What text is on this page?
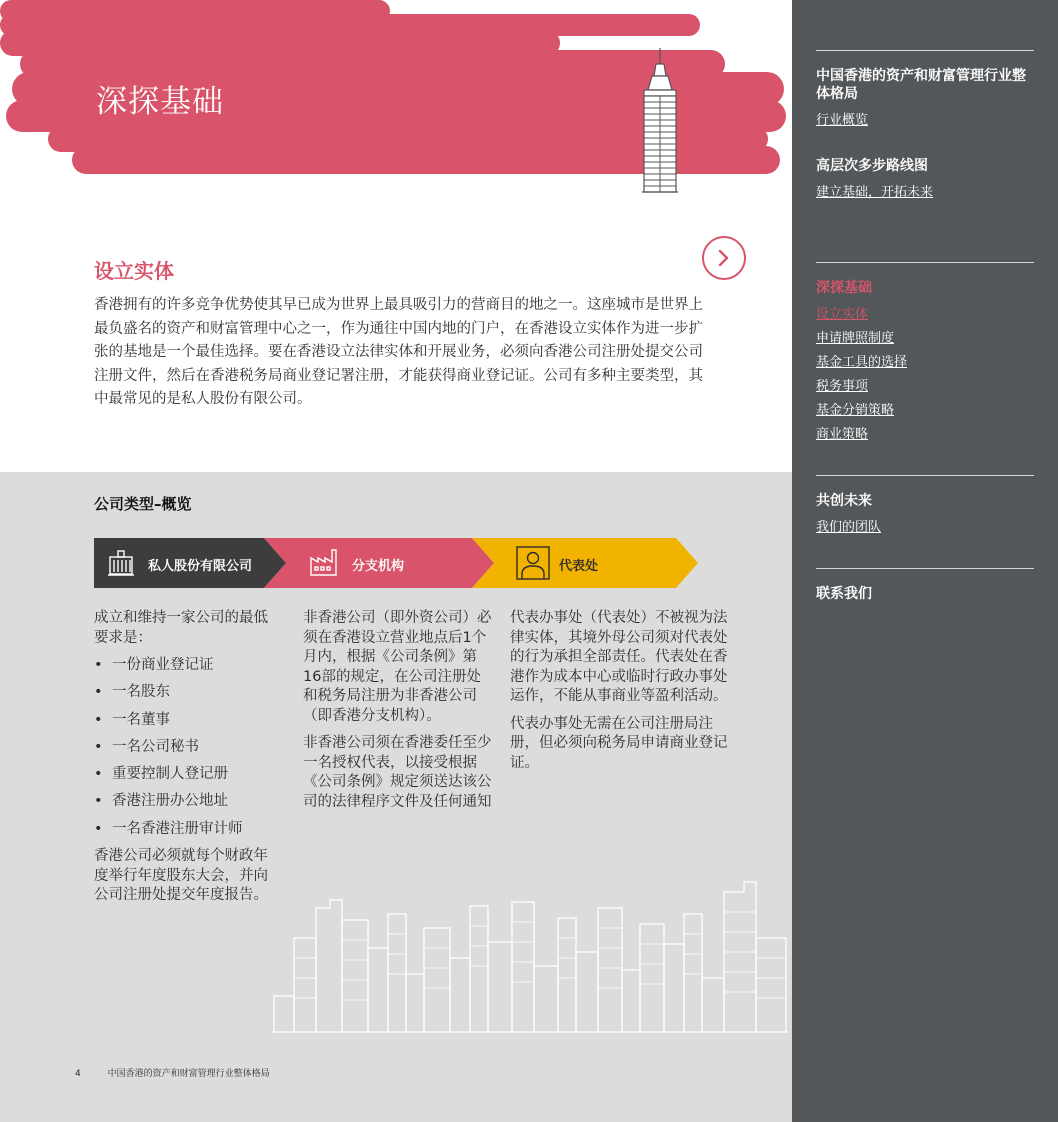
深探基础
设立实体
香港拥有的许多竞争优势使其早已成为世界上最具吸引力的营商目的地之一。这座城市是世界上最负盛名的资产和财富管理中心之一，作为通往中国内地的门户，在香港设立实体作为进一步扩张的基地是一个最佳选择。要在香港设立法律实体和开展业务，必须向香港公司注册处提交公司注册文件，然后在香港税务局商业登记署注册，才能获得商业登记证。公司有多种主要类型，其中最常见的是私人股份有限公司。
公司类型–概览
私人股份有限公司	分支机构	代表处

成立和维持一家公司的最低要求是：

• 一份商业登记证
• 一名股东
• 一名董事
• 一名公司秘书
• 重要控制人登记册
• 香港注册办公地址
• 一名香港注册审计师

香港公司必须就每个财政年度举行年度股东大会，并向公司注册处提交年度报告。

非香港公司（即外资公司）必须在香港设立营业地点后1个月内，根据《公司条例》第16部的规定，在公司注册处和税务局注册为非香港公司（即香港分支机构）。

非香港公司须在香港委任至少一名授权代表，以接受根据《公司条例》规定须送达该公司的法律程序文件及任何通知

代表办事处（代表处）不被视为法律实体，其境外母公司须对代表处的行为承担全部责任。代表处在香港作为成本中心或临时行政办事处运作，不能从事商业等盈利活动。

代表办事处无需在公司注册局注册，但必须向税务局申请商业登记证。

4	中国香港的资产和财富管理行业整体格局
中国香港的资产和财富管理行业整体格局
行业概览
高层次多步路线图
建立基础，开拓未来
深探基础
设立实体
申请牌照制度
基金工具的选择
税务事项
基金分销策略
商业策略
共创未来
我们的团队
联系我们
